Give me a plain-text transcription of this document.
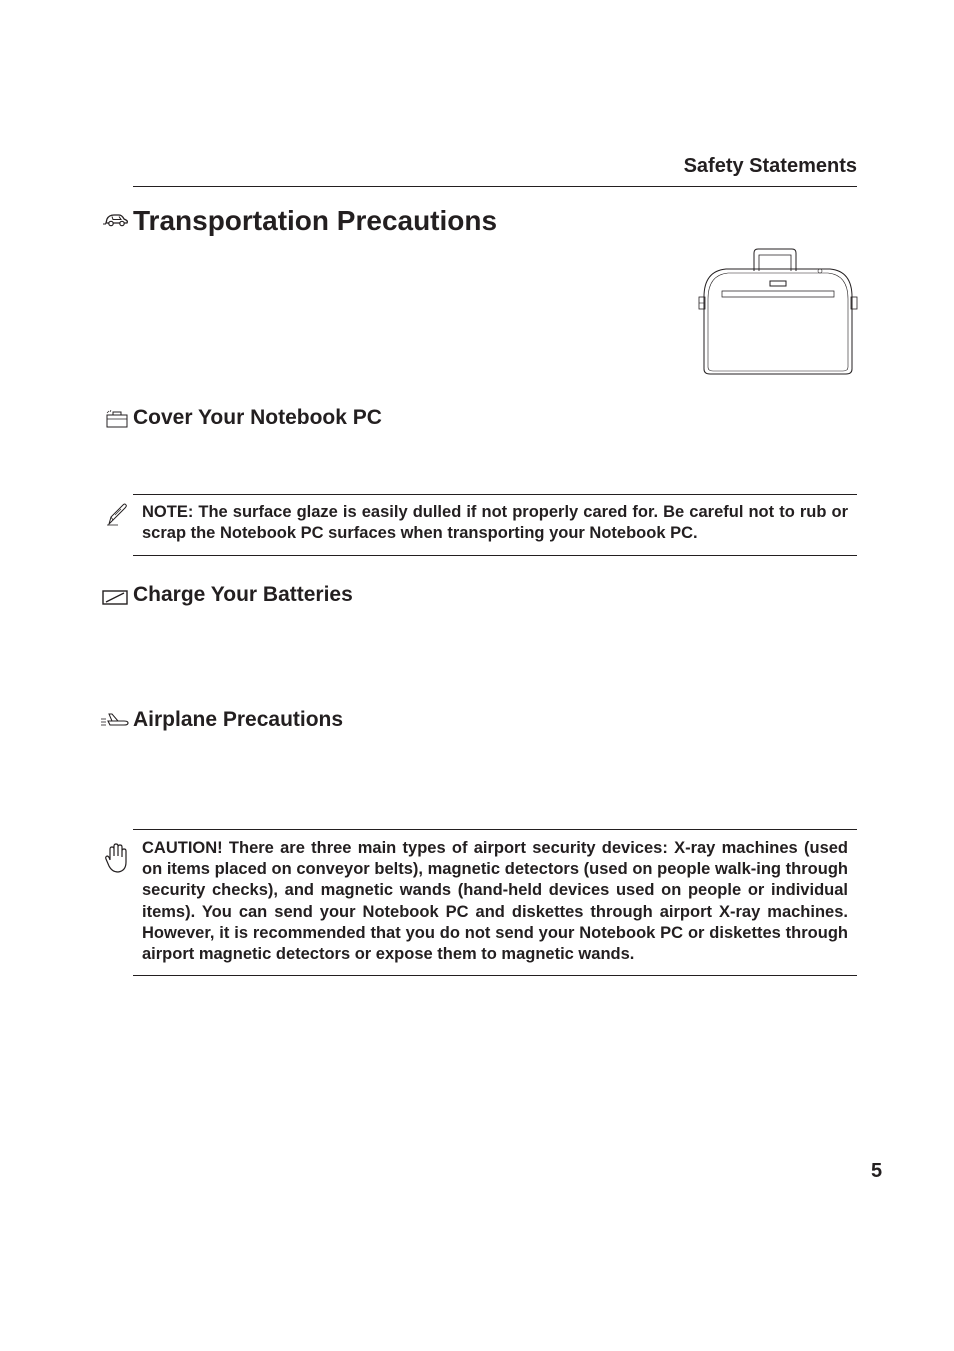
Safety Statements
Transportation Precautions
Cover Your Notebook PC
NOTE: The surface glaze is easily dulled if not properly cared for. Be careful not to rub or scrap the Notebook PC surfaces when transporting your Notebook PC.
Charge Your Batteries
Airplane Precautions
CAUTION! There are three main types of airport security devices: X-ray machines (used on items placed on conveyor belts), magnetic detectors (used on people walk-ing through security checks), and magnetic wands (hand-held devices used on people or individual items). You can send your Notebook PC and diskettes through airport X-ray machines. However, it is recommended that you do not send your Notebook PC or diskettes through airport magnetic detectors or expose them to magnetic wands.
5
